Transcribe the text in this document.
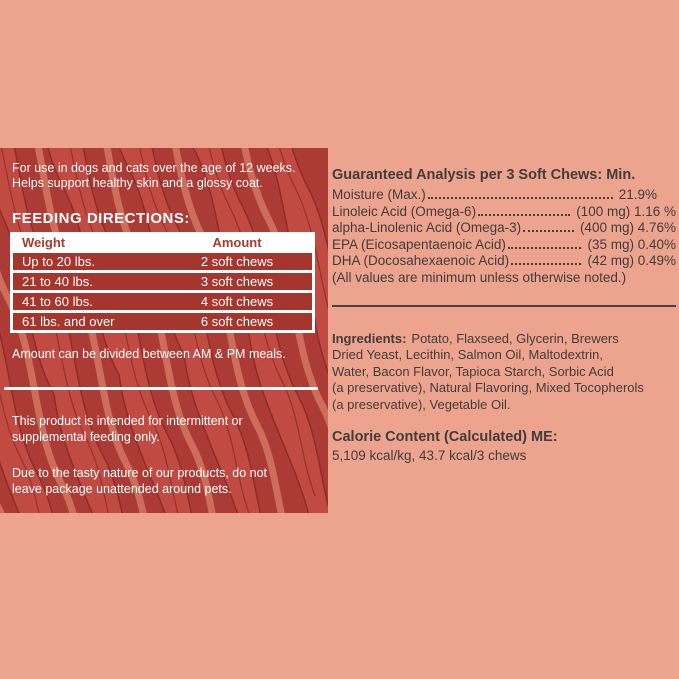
For use in dogs and cats over the age of 12 weeks.
Helps support healthy skin and a glossy coat.
FEEDING DIRECTIONS:
Weight	Amount
Up to 20 lbs.	2 soft chews
21 to 40 lbs.	3 soft chews
41 to 60 lbs.	4 soft chews
61 lbs. and over	6 soft chews
Amount can be divided between AM & PM meals.
This product is intended for intermittent or
supplemental feeding only.
Due to the tasty nature of our products, do not
leave package unattended around pets.
Guaranteed Analysis per 3 Soft Chews: Min.
Moisture (Max.)	21.9%
Linoleic Acid (Omega-6)	(100 mg) 1.16 %
alpha-Linolenic Acid (Omega-3)	(400 mg) 4.76%
EPA (Eicosapentaenoic Acid)	(35 mg) 0.40%
DHA (Docosahexaenoic Acid)	(42 mg) 0.49%
(All values are minimum unless otherwise noted.)
Ingredients: Potato, Flaxseed, Glycerin, Brewers
Dried Yeast, Lecithin, Salmon Oil, Maltodextrin,
Water, Bacon Flavor, Tapioca Starch, Sorbic Acid
(a preservative), Natural Flavoring, Mixed Tocopherols
(a preservative), Vegetable Oil.
Calorie Content (Calculated) ME:
5,109 kcal/kg, 43.7 kcal/3 chews
